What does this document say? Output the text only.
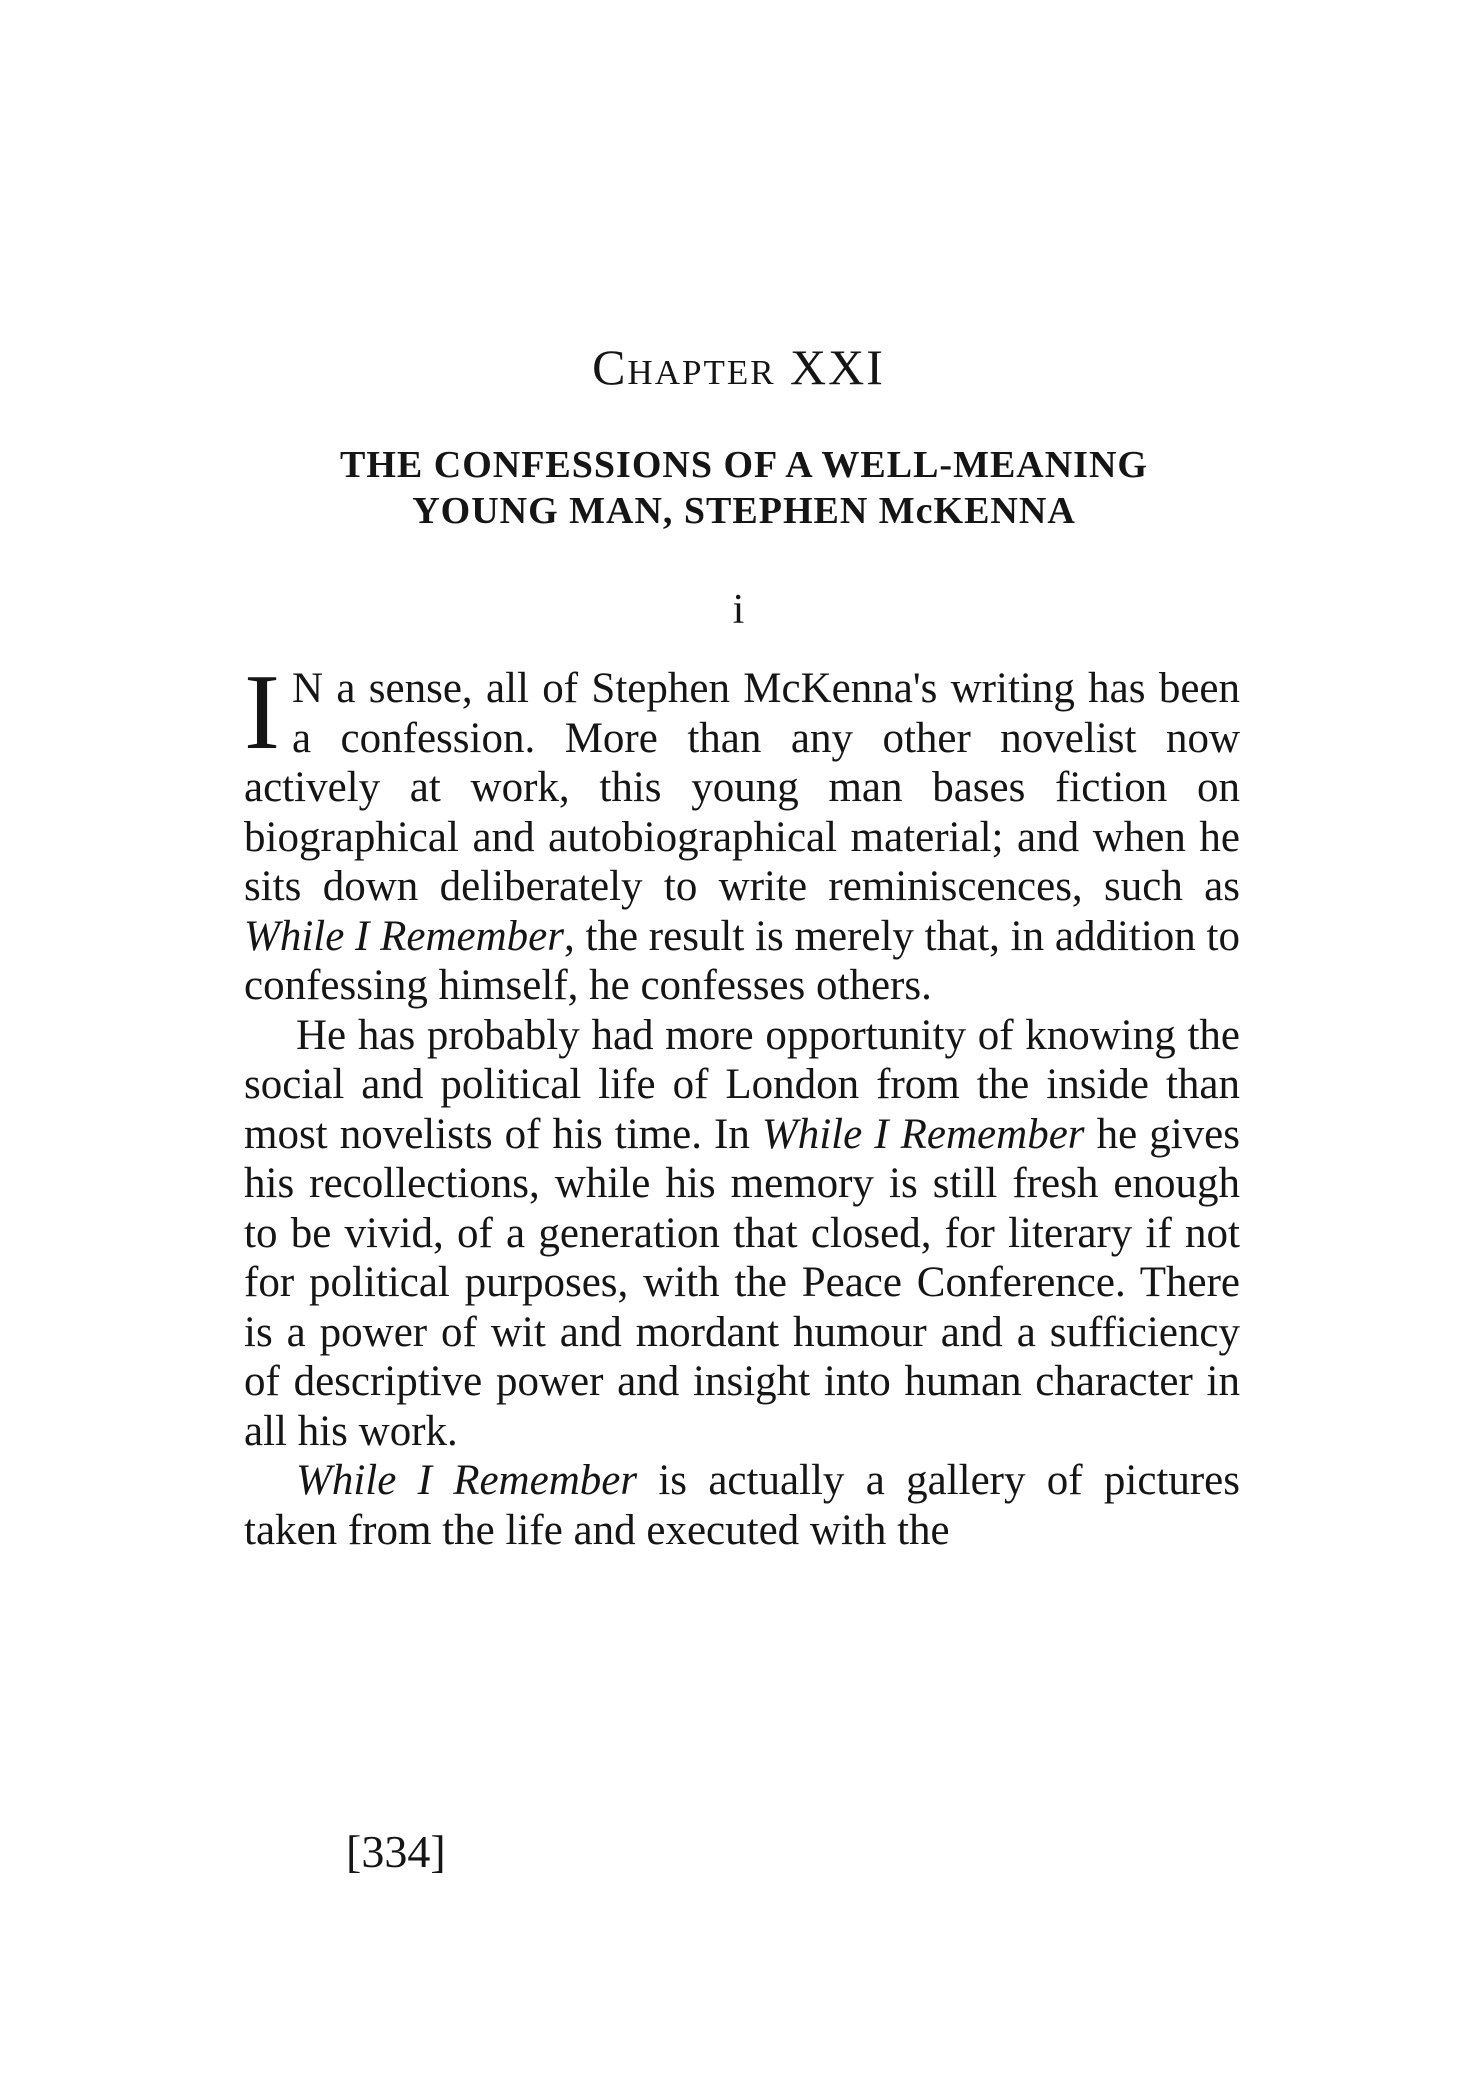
Chapter XXI
THE CONFESSIONS OF A WELL-MEANING
YOUNG MAN, STEPHEN McKENNA
i

I N a sense, all of Stephen McKenna's writing has been a confession. More than any other novelist now actively at work, this young man bases fiction on biographical and autobiographical material; and when he sits down deliberately to write reminiscences, such as While I Remember, the result is merely that, in addition to confessing himself, he confesses others.

He has probably had more opportunity of knowing the social and political life of London from the inside than most novelists of his time. In While I Remember he gives his recollections, while his memory is still fresh enough to be vivid, of a generation that closed, for literary if not for political purposes, with the Peace Conference. There is a power of wit and mordant humour and a sufficiency of descriptive power and insight into human character in all his work.

While I Remember is actually a gallery of pictures taken from the life and executed with the

[334]
